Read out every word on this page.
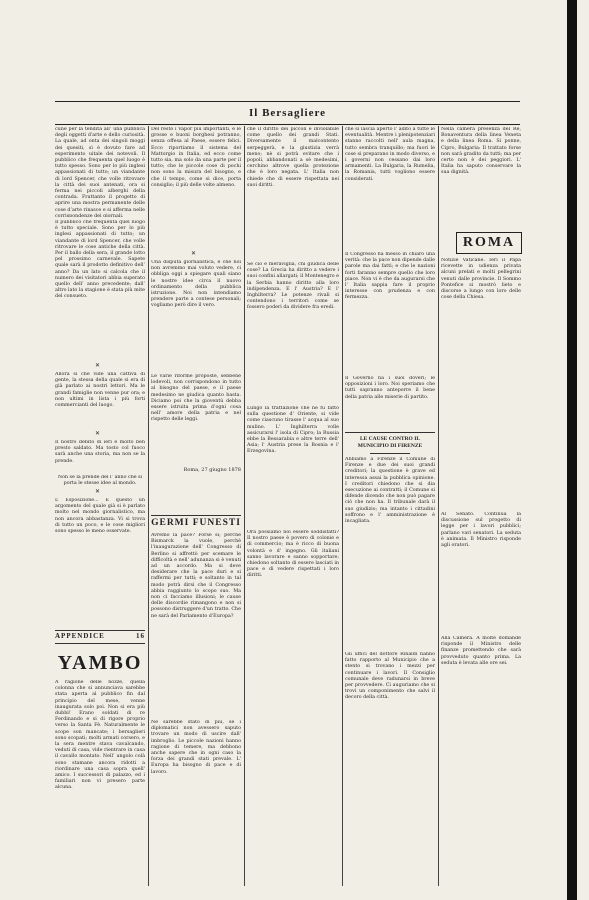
Il Bersagliere
cune per la tendita all’ una pubblica degli oggetti d'arte e dello curiosità. La quale, ad onta dei singoli moggi dei quesiti, sì è dovuto fare ad esperimento uitale dei notevoli. Il pubblico che frequenta quel luogo è tutto spesso. Sono per lo più inglesi appassionati di tutto; un viandante di lord Spencer, che volle ritrovare la città dei suoi antenati, ora si ferma nei piccoli alberghi della contrada. Frattanto il progetto di aprire una mostra permanente delle cose d’arte rinasce e si afferma nelle corrispondenze dei giornali.
Il pubblico che frequenta quel luogo è tutto speciale. Sono per lo più inglesi appassionati di tutto; un viandante di lord Spencer, che volle ritrovare le cose antiche della città. Per il ballo della sera, il grande lotto pel prossimo carnevale. Sapete quale sarà il prodotto definitivo dell’ anno? Da un lato si calcola che il numero dei visitatori abbia superato quello dell’ anno precedente; dall’ altro lato la stagione è stata più mite del consueto.
✕
Allora sì che vide una cattiva di gente, la stessa della quale si era di già parlato ai nostri lettori. Ma le grandi famiglie non venne pur ora; e non ultimi in lista i più forti commercianti del luogo.
✕
Il nostro debito di ieri è molto ben presto saldato. Ma tosto col fuoco sarà anche una storia, ma non se la prende.
Non se la prende del l’ anno che si porta le stesse idee al mondo.
✕
L’ Esposizione... È questo un argomento del quale già si è parlato molto nel mondo giornalistico, ma non ancora abbastanza. Vi si trova di tutto un poco, e le cose migliori sono spesso le meno osservate.
APPENDICE	16
YAMBO
A ragione delle nozze, quella colonna che si annunciava sarebbe stata aperta al pubblico fin dal principio del mese, venne inaugurata solo poi. Non si era più dubbi! Erano soldati di re Ferdinando e si di rigore proprio verso la Santa Fè. Naturalmente le scope son mancate; i bersaglieri sono scopati; molti armati corsero, e la sera mentre stava cavalcando, veduti di casa, vide rientrare in casa il cavallo montato. Nell’ angolo colà sono stamane ancora ridotti a riordinare una casa sopra quell' amico. I successori di palazzo, ed i familiari non vi presero parte alcuna.
Del resto i Vapor più importanti, e le grosse e buoni borghesi potranno, senza offesa al Paese, essere felici. Ecco riportiamo il sistema del Mattorgio in Italia, ed ecco come tutto sia, ma solo da una parte per il tutto; che le piccole cose di pochi non sono la misura del bisogno, e che il tempo, come si dice, porta consiglio; il più delle volte almeno.
✕
Una disputa giornalistica, e che noi non avremmo mai voluto vedere, ci obbliga oggi a spiegare quali siano le nostre idee circa il nuovo ordinamento della pubblica istruzione. Noi non intendiamo prendere parte a contese personali; vogliamo però dire il vero.
Le varie riforme proposte, sebbene lodevoli, non corrispondono in tutto al bisogno del paese, e il paese medesimo ne giudica quanto basta. Diciamo poi che la gioventù debba essere istruita prima d’ogni cosa nell’ amore della patria e nel rispetto delle leggi.
Roma, 27 giugno 1878
GERMI FUNESTI
Avremo la pace? Forse si; perchè Bismarck la vuole, perchè l'inaugurazione dell' Congresso di Berlino si affrettò per scemare le difficoltà e nell' adunanza si è venuti ad un accordo. Ma si deve desiderare che la pace duri e si raffermi per tutti; e soltanto in tal modo potrà dirsi che il Congresso abbia raggiunto lo scopo suo. Ma non ci facciamo illusioni; le cause delle discordie rimangono e non si possono distruggere d'un tratto. Che ne sarà del Parlamento d'Europa?
Ne sarebbe stato di più, se i diplomatici non avessero saputo trovare un modo di uscire dall' imbroglio. Le piccole nazioni hanno ragione di temere, ma debbono anche sapere che in ogni caso la forza dei grandi stati prevale. L' Europa ha bisogno di pace e di lavoro.
che il diritto dei piccoli è inviolabile come quello dei grandi Stati. Diversamente il malcontento serpeggerà, e la giustizia verrà meno; nè si potrà evitare che i popoli, abbandonati a sè medesimi, cerchino altrove quella protezione che è loro negata. L' Italia non chiede che di essere rispettata nei suoi diritti.
Se ciò è meraviglia, chi giudica delle cose? La Grecia ha diritto a vedere i suoi confini allargati; il Montenegro e la Serbia hanno diritto alla loro indipendenza. E l' Austria? E l' Inghilterra? Le potenze rivali si contendono i territori come se fossero poderi da dividere fra eredi.
Lungo la trattazione che ne fu fatto sulla questione d' Oriente, si vide come ciascuno tirasse l' acqua al suo mulino. L' Inghilterra volle assicurarsi l' isola di Cipro; la Russia ebbe la Bessarabia e altre terre dell' Asia; l' Austria prese la Bosnia e l' Erzegovina.
Ora possiamo noi essere soddisfatti? Il nostro paese è povero di colonie e di commercio; ma è ricco di buona volontà e d' ingegno. Gli italiani sanno lavorare e sanno sopportare; chiedono soltanto di essere lasciati in pace e di vedere rispettati i loro diritti.
che si lascia aperto l' adito a tutte le eventualità. Mentre i plenipotenziari stanno raccolti nell' aula magna, tutto sembra tranquillo; ma fuori le cose si preparano in modo diverso, e i governi non cessano dai loro armamenti. La Bulgaria, la Rumelia, la Romania, tutti vogliono essere considerati.
Il Congresso ha messo in chiaro una verità: che la pace non dipende dalle parole ma dai fatti; e che le nazioni forti faranno sempre quello che loro piace. Non vi è che da augurarsi che l' Italia sappia fare il proprio interesse con prudenza e con fermezza.
Il Governo ha i suoi doveri; le opposizioni i loro. Noi speriamo che tutti sapranno anteporre il bene della patria alle miserie di partito.
LE CAUSE CONTRO IL MUNICIPIO DI FIRENZE
Abbiamo a Firenze il Comune di Firenze e due dei suoi grandi creditori; la questione è grave ed interessa assai la pubblica opinione. I creditori chiedono che si dia esecuzione ai contratti; il Comune si difende dicendo che non può pagare ciò che non ha. Il tribunale darà il suo giudizio; ma intanto i cittadini soffrono e l' amministrazione è incagliata.
Gli uffici del dottore Rinaldi hanno fatto rapporto al Municipio che a stento si trovano i mezzi per continuare i lavori. Il Consiglio comunale deve radunarsi in breve per provvedere. Ci auguriamo che si trovi un componimento che salvi il decoro della città.
Nella camera presenza del Re, Bonaventura della linea Veneta e della linea Roma. Si ponne, Cipro, Bulgaria: Il trattato forse non sarà gradito da tutti; ma per certo non è dei peggiori. L' Italia ha saputo conservare la sua dignità.
ROMA
Notizie Vaticane. Ieri il Papa ricevette in udienza privata alcuni prelati e molti pellegrini venuti dalle provincie. Il Sommo Pontefice si mostrò lieto e discorse a lungo con loro delle cose della Chiesa.
Al Senato. Continua la discussione sul progetto di legge per i lavori pubblici; parlano vari senatori. La seduta è animata. Il Ministro risponde agli oratori.
Alla Camera. A molte domande risponde il Ministro delle finanze promettendo che sarà provveduto quanto prima. La seduta è levata alle ore sei.
